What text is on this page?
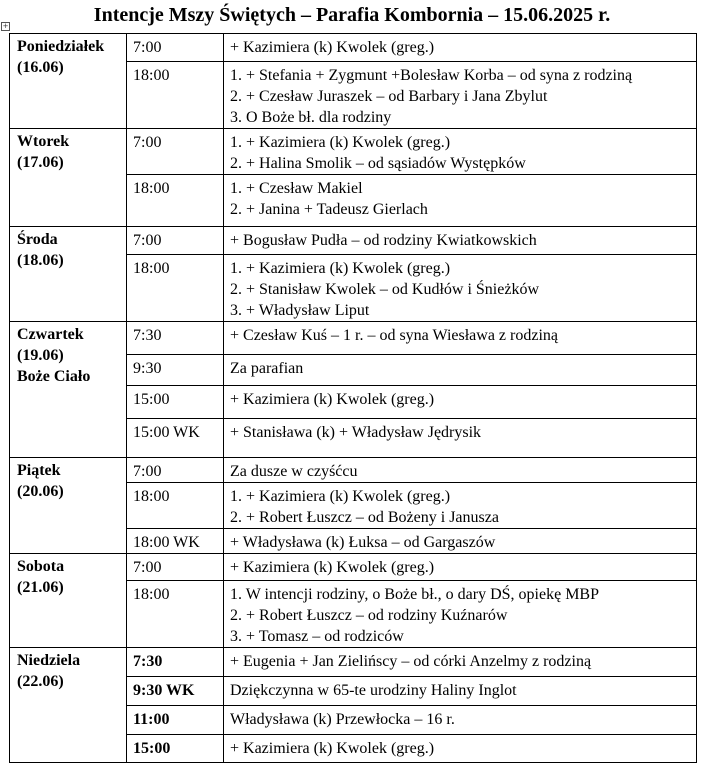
+	Intencje Mszy Świętych – Parafia Kombornia – 15.06.2025 r.
Poniedziałek
(16.06)	7:00	+ Kazimiera (k) Kwolek (greg.)

	18:00	1. + Stefania + Zygmunt +Bolesław Korba – od syna z rodziną
2. + Czesław Juraszek – od Barbary i Jana Zbylut
3. O Boże bł. dla rodziny

Wtorek
(17.06)	7:00	1. + Kazimiera (k) Kwolek (greg.)
2. + Halina Smolik – od sąsiadów Występków

	18:00	1. + Czesław Makiel
2. + Janina + Tadeusz Gierlach

Środa
(18.06)	7:00	+ Bogusław Pudła – od rodziny Kwiatkowskich

	18:00	1. + Kazimiera (k) Kwolek (greg.)
2. + Stanisław Kwolek – od Kudłów i Śnieżków
3. + Władysław Liput

Czwartek
(19.06)
Boże Ciało	7:30	+ Czesław Kuś – 1 r. – od syna Wiesława z rodziną

	9:30	Za parafian

	15:00	+ Kazimiera (k) Kwolek (greg.)

	15:00 WK	+ Stanisława (k) + Władysław Jędrysik

Piątek
(20.06)	7:00	Za dusze w czyśćcu

	18:00	1. + Kazimiera (k) Kwolek (greg.)
2. + Robert Łuszcz – od Bożeny i Janusza

	18:00 WK	+ Władysława (k) Łuksa – od Gargaszów

Sobota
(21.06)	7:00	+ Kazimiera (k) Kwolek (greg.)

	18:00	1. W intencji rodziny, o Boże bł., o dary DŚ, opiekę MBP
2. + Robert Łuszcz – od rodziny Kuźnarów
3. + Tomasz – od rodziców

Niedziela
(22.06)	7:30	+ Eugenia + Jan Zielińscy – od córki Anzelmy z rodziną

	9:30 WK	Dziękczynna w 65-te urodziny Haliny Inglot

	11:00	Władysława (k) Przewłocka – 16 r.

	15:00	+ Kazimiera (k) Kwolek (greg.)
